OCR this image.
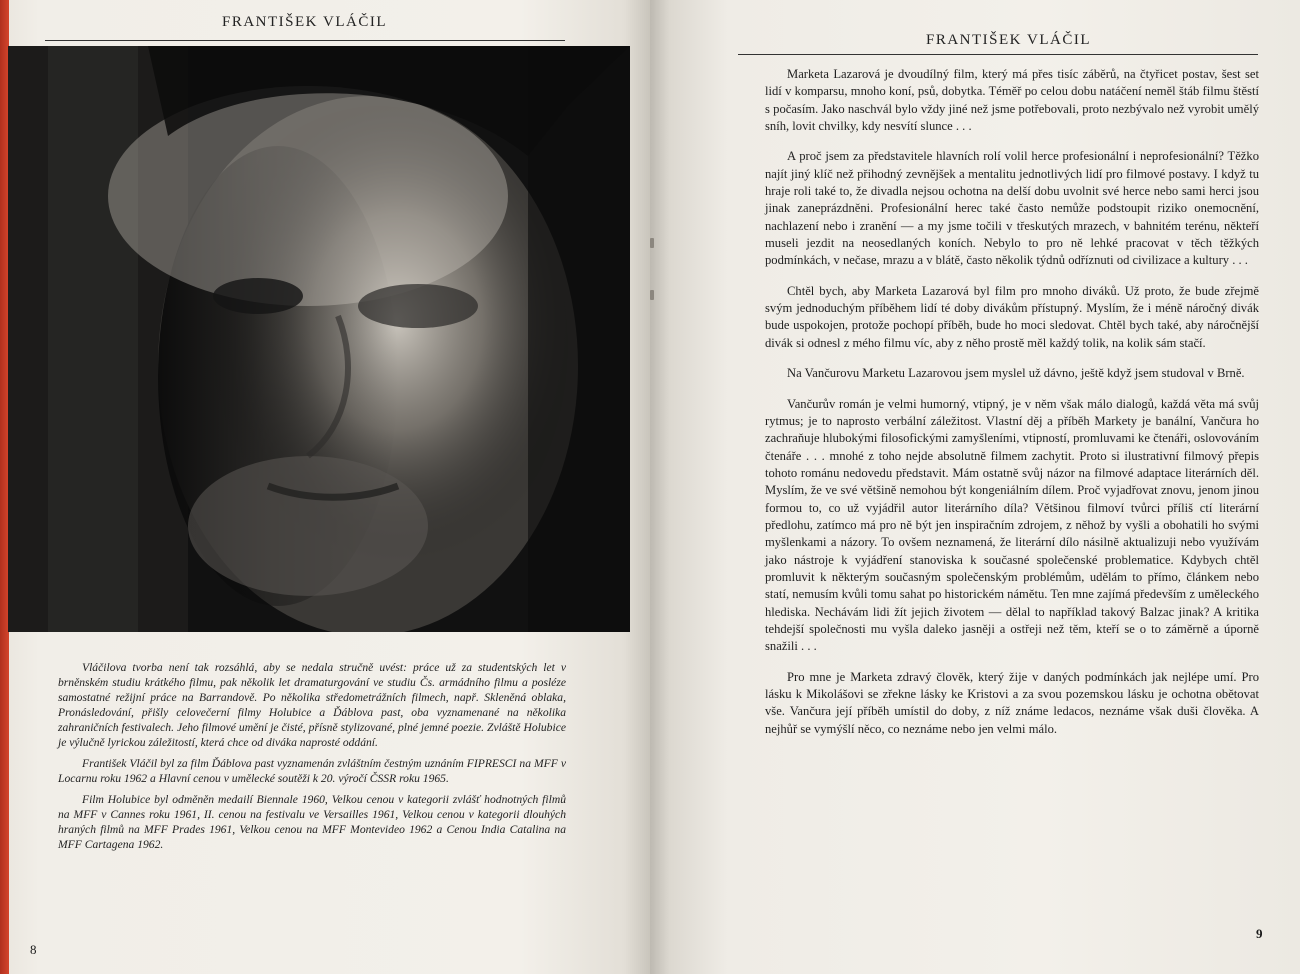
FRANTIŠEK VLÁČIL

Vláčilova tvorba není tak rozsáhlá, aby se nedala stručně uvést: práce už za studentských let v brněnském studiu krátkého filmu, pak několik let dramaturgování ve studiu Čs. armádního filmu a posléze samostatné režijní práce na Barrandově. Po několika středometrážních filmech, např. Skleněná oblaka, Pronásledování, přišly celovečerní filmy Holubice a Ďáblova past, oba vyznamenané na několika zahraničních festivalech. Jeho filmové umění je čisté, přísně stylizované, plné jemné poezie. Zvláště Holubice je výlučně lyrickou záležitostí, která chce od diváka naprosté oddání.

František Vláčil byl za film Ďáblova past vyznamenán zvláštním čestným uznáním FIPRESCI na MFF v Locarnu roku 1962 a Hlavní cenou v umělecké soutěži k 20. výročí ČSSR roku 1965.

Film Holubice byl odměněn medailí Biennale 1960, Velkou cenou v kategorii zvlášť hodnotných filmů na MFF v Cannes roku 1961, II. cenou na festivalu ve Versailles 1961, Velkou cenou v kategorii dlouhých hraných filmů na MFF Prades 1961, Velkou cenou na MFF Montevideo 1962 a Cenou India Catalina na MFF Cartagena 1962.

8
FRANTIŠEK VLÁČIL

Marketa Lazarová je dvoudílný film, který má přes tisíc záběrů, na čtyřicet postav, šest set lidí v komparsu, mnoho koní, psů, dobytka. Téměř po celou dobu natáčení neměl štáb filmu štěstí s počasím. Jako naschvál bylo vždy jiné než jsme potřebovali, proto nezbývalo než vyrobit umělý sníh, lovit chvilky, kdy nesvítí slunce . . .

A proč jsem za představitele hlavních rolí volil herce profesionální i neprofesionální? Těžko najít jiný klíč než přihodný zevnějšek a mentalitu jednotlivých lidí pro filmové postavy. I když tu hraje roli také to, že divadla nejsou ochotna na delší dobu uvolnit své herce nebo sami herci jsou jinak zaneprázdněni. Profesionální herec také často nemůže podstoupit riziko onemocnění, nachlazení nebo i zranění — a my jsme točili v třeskutých mrazech, v bahnitém terénu, někteří museli jezdit na neosedlaných koních. Nebylo to pro ně lehké pracovat v těch těžkých podmínkách, v nečase, mrazu a v blátě, často několik týdnů odříznuti od civilizace a kultury . . .

Chtěl bych, aby Marketa Lazarová byl film pro mnoho diváků. Už proto, že bude zřejmě svým jednoduchým příběhem lidí té doby divákům přístupný. Myslím, že i méně náročný divák bude uspokojen, protože pochopí příběh, bude ho moci sledovat. Chtěl bych také, aby náročnější divák si odnesl z mého filmu víc, aby z něho prostě měl každý tolik, na kolik sám stačí.

Na Vančurovu Marketu Lazarovou jsem myslel už dávno, ještě když jsem studoval v Brně.

Vančurův román je velmi humorný, vtipný, je v něm však málo dialogů, každá věta má svůj rytmus; je to naprosto verbální záležitost. Vlastní děj a příběh Markety je banální, Vančura ho zachraňuje hlubokými filosofickými zamyšleními, vtipností, promluvami ke čtenáři, oslovováním čtenáře . . . mnohé z toho nejde absolutně filmem zachytit. Proto si ilustrativní filmový přepis tohoto románu nedovedu představit. Mám ostatně svůj názor na filmové adaptace literárních děl. Myslím, že ve své většině nemohou být kongeniálním dílem. Proč vyjadřovat znovu, jenom jinou formou to, co už vyjádřil autor literárního díla? Většinou filmoví tvůrci příliš ctí literární předlohu, zatímco má pro ně být jen inspiračním zdrojem, z něhož by vyšli a obohatili ho svými myšlenkami a názory. To ovšem neznamená, že literární dílo násilně aktualizuji nebo využívám jako nástroje k vyjádření stanoviska k současné společenské problematice. Kdybych chtěl promluvit k některým současným společenským problémům, udělám to přímo, článkem nebo statí, nemusím kvůli tomu sahat po historickém námětu. Ten mne zajímá především z uměleckého hlediska. Nechávám lidi žít jejich životem — dělal to například takový Balzac jinak? A kritika tehdejší společnosti mu vyšla daleko jasněji a ostřeji než těm, kteří se o to záměrně a úporně snažili . . .

Pro mne je Marketa zdravý člověk, který žije v daných podmínkách jak nejlépe umí. Pro lásku k Mikolášovi se zřekne lásky ke Kristovi a za svou pozemskou lásku je ochotna obětovat vše. Vančura její příběh umístil do doby, z níž známe ledacos, neznáme však duši člověka. A nejhůř se vymýšlí něco, co neznáme nebo jen velmi málo.

9
